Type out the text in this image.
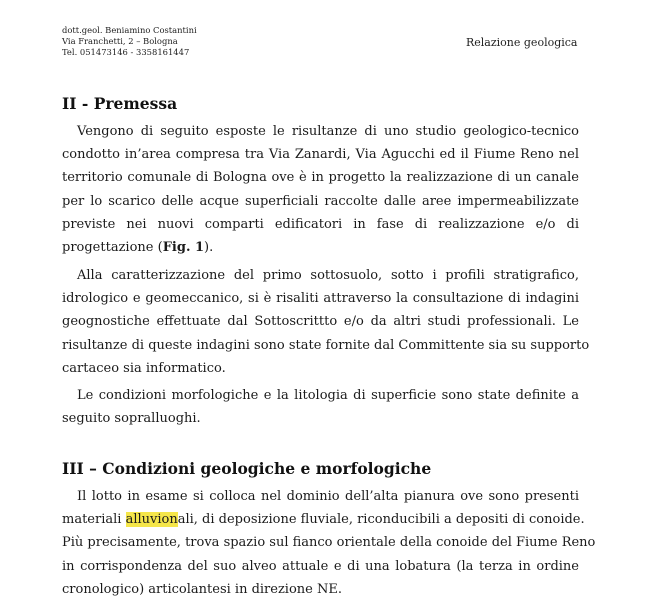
dott.geol. Beniamino Costantini
Via Franchetti, 2 – Bologna
Tel. 051473146 - 3358161447
Relazione geologica
II - Premessa
Vengono di seguito esposte le risultanze di uno studio geologico-tecnico
condotto in’area compresa tra Via Zanardi, Via Agucchi ed il Fiume Reno nel
territorio comunale di Bologna ove è in progetto la realizzazione di un canale
per lo scarico delle acque superficiali raccolte dalle aree impermeabilizzate
previste nei nuovi comparti edificatori in fase di realizzazione e/o di
progettazione (Fig. 1).
Alla caratterizzazione del primo sottosuolo, sotto i profili stratigrafico,
idrologico e geomeccanico, si è risaliti attraverso la consultazione di indagini
geognostiche effettuate dal Sottoscrittto e/o da altri studi professionali. Le
risultanze di queste indagini sono state fornite dal Committente sia su supporto
cartaceo sia informatico.
Le condizioni morfologiche e la litologia di superficie sono state definite a
seguito sopralluoghi.
III – Condizioni geologiche e morfologiche
Il lotto in esame si colloca nel dominio dell’alta pianura ove sono presenti
materiali alluvionali, di deposizione fluviale, riconducibili a depositi di conoide.
Più precisamente, trova spazio sul fianco orientale della conoide del Fiume Reno
in corrispondenza del suo alveo attuale e di una lobatura (la terza in ordine
cronologico) articolantesi in direzione NE.
